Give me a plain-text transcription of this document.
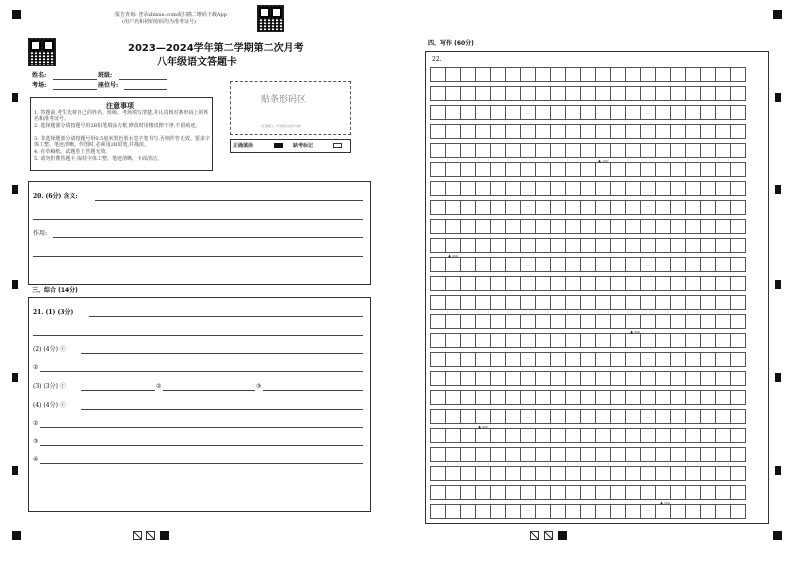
报告查询: 登录zhixue.com或扫描二维码下载App
(用户名和初始密码均为准考证号)
2023—2024学年第二学期第二次月考
八年级语文答题卡
姓名:	班级:
考场:	座位号:
注意事项
1. 答题前,考生先将自己的姓名、班级、考场填写清楚,并认真核对条形码上的姓名和准考证号。
2. 选择题部分请按题号用2B铅笔填涂方框,修改时用橡皮擦干净,不留痕迹。
3. 非选择题部分请按题号用0.5毫米黑色墨水签字笔书写,否则作答无效。要求字体工整、笔迹清晰。作图时,必须用2B铅笔,并描浓。
4. 在草稿纸、试题卷上答题无效。
5. 请勿折叠答题卡,保持字体工整、笔迹清晰、卡面清洁。
贴条形码区
(正面朝上, 切勿贴出虚线方框)
正确填涂	缺考标记
20. (6分) 含义:
作用:
三、综合 (14分)
21. (1) (3分)
(2) (4分) ①
②
(3) (3分) ①	②	③
(4) (4分) ①
②
③
④
四、写作 (60分)
22.
▲ 100
▲ 200
▲ 300
▲ 400
▲ 500
